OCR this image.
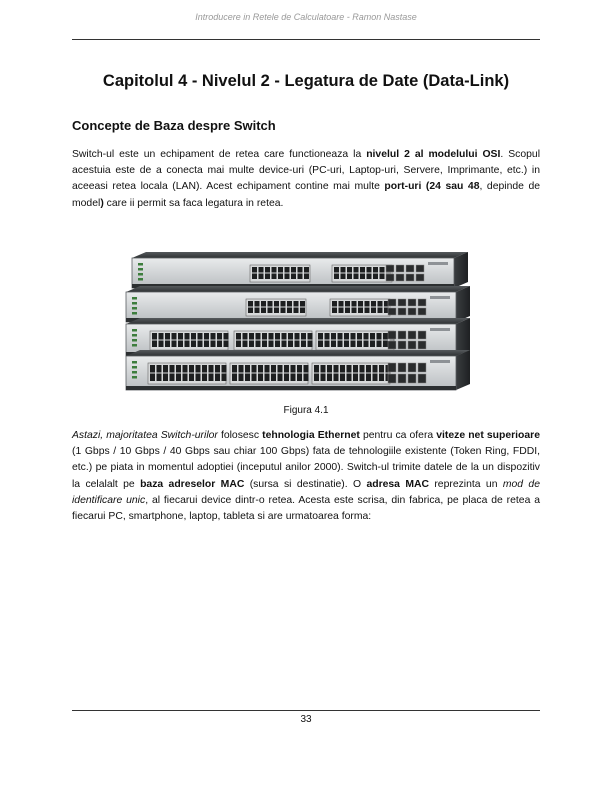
Introducere in Retele de Calculatoare - Ramon Nastase
Capitolul 4 - Nivelul 2 - Legatura de Date (Data-Link)
Concepte de Baza despre Switch

Switch-ul este un echipament de retea care functioneaza la nivelul 2 al modelului OSI. Scopul acestuia este de a conecta mai multe device-uri (PC-uri, Laptop-uri, Servere, Imprimante, etc.) in aceeasi retea locala (LAN). Acest echipament contine mai multe port-uri (24 sau 48, depinde de model) care ii permit sa faca legatura in retea.

Figura 4.1

Astazi, majoritatea Switch-urilor folosesc tehnologia Ethernet pentru ca ofera viteze net superioare (1 Gbps / 10 Gbps / 40 Gbps sau chiar 100 Gbps) fata de tehnologiile existente (Token Ring, FDDI, etc.) pe piata in momentul adoptiei (inceputul anilor 2000). Switch-ul trimite datele de la un dispozitiv la celalalt pe baza adreselor MAC (sursa si destinatie). O adresa MAC reprezinta un mod de identificare unic, al fiecarui device dintr-o retea. Acesta este scrisa, din fabrica, pe placa de retea a fiecarui PC, smartphone, laptop, tableta si are urmatoarea forma:

33
